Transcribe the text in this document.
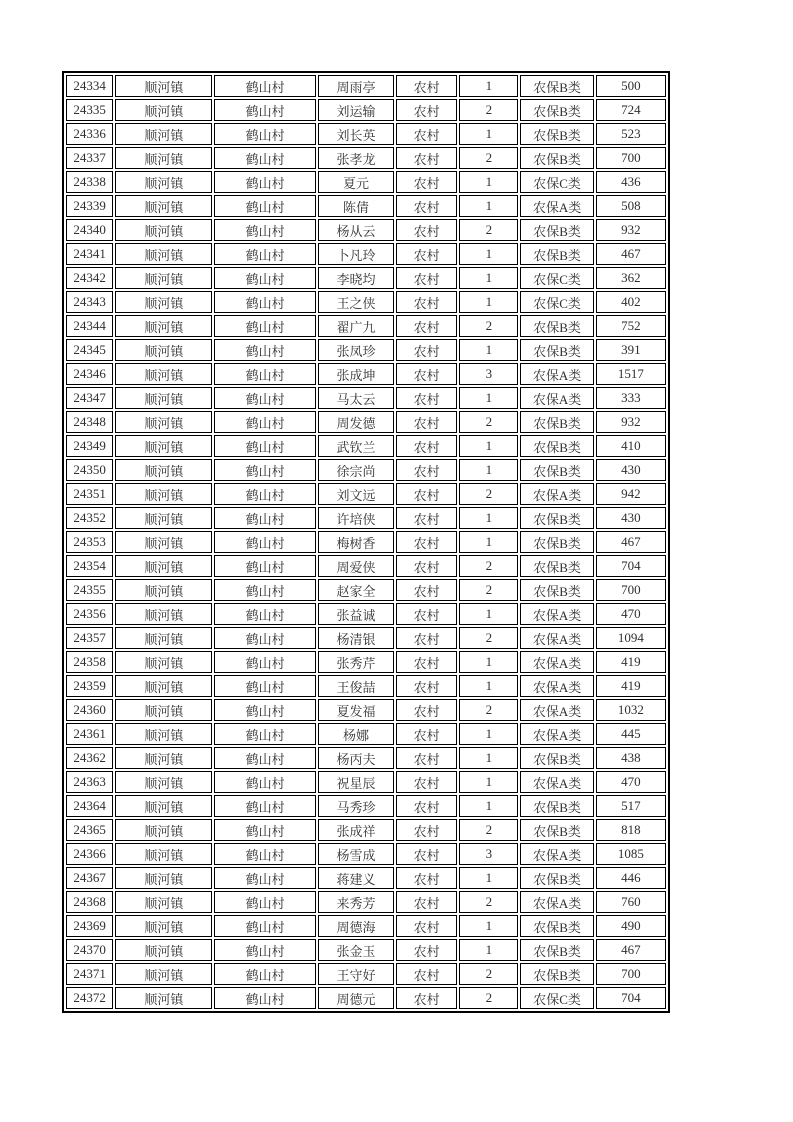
24334	顺河镇	鹤山村	周雨亭	农村	1	农保B类	500
24335	顺河镇	鹤山村	刘运输	农村	2	农保B类	724
24336	顺河镇	鹤山村	刘长英	农村	1	农保B类	523
24337	顺河镇	鹤山村	张孝龙	农村	2	农保B类	700
24338	顺河镇	鹤山村	夏元	农村	1	农保C类	436
24339	顺河镇	鹤山村	陈倩	农村	1	农保A类	508
24340	顺河镇	鹤山村	杨从云	农村	2	农保B类	932
24341	顺河镇	鹤山村	卜凡玲	农村	1	农保B类	467
24342	顺河镇	鹤山村	李晓均	农村	1	农保C类	362
24343	顺河镇	鹤山村	王之侠	农村	1	农保C类	402
24344	顺河镇	鹤山村	翟广九	农村	2	农保B类	752
24345	顺河镇	鹤山村	张凤珍	农村	1	农保B类	391
24346	顺河镇	鹤山村	张成坤	农村	3	农保A类	1517
24347	顺河镇	鹤山村	马太云	农村	1	农保A类	333
24348	顺河镇	鹤山村	周发德	农村	2	农保B类	932
24349	顺河镇	鹤山村	武钦兰	农村	1	农保B类	410
24350	顺河镇	鹤山村	徐宗尚	农村	1	农保B类	430
24351	顺河镇	鹤山村	刘文远	农村	2	农保A类	942
24352	顺河镇	鹤山村	许培侠	农村	1	农保B类	430
24353	顺河镇	鹤山村	梅树香	农村	1	农保B类	467
24354	顺河镇	鹤山村	周爱侠	农村	2	农保B类	704
24355	顺河镇	鹤山村	赵家全	农村	2	农保B类	700
24356	顺河镇	鹤山村	张益诚	农村	1	农保A类	470
24357	顺河镇	鹤山村	杨清银	农村	2	农保A类	1094
24358	顺河镇	鹤山村	张秀芹	农村	1	农保A类	419
24359	顺河镇	鹤山村	王俊喆	农村	1	农保A类	419
24360	顺河镇	鹤山村	夏发福	农村	2	农保A类	1032
24361	顺河镇	鹤山村	杨娜	农村	1	农保A类	445
24362	顺河镇	鹤山村	杨丙夫	农村	1	农保B类	438
24363	顺河镇	鹤山村	祝星辰	农村	1	农保A类	470
24364	顺河镇	鹤山村	马秀珍	农村	1	农保B类	517
24365	顺河镇	鹤山村	张成祥	农村	2	农保B类	818
24366	顺河镇	鹤山村	杨雪成	农村	3	农保A类	1085
24367	顺河镇	鹤山村	蒋建义	农村	1	农保B类	446
24368	顺河镇	鹤山村	来秀芳	农村	2	农保A类	760
24369	顺河镇	鹤山村	周德海	农村	1	农保B类	490
24370	顺河镇	鹤山村	张金玉	农村	1	农保B类	467
24371	顺河镇	鹤山村	王守好	农村	2	农保B类	700
24372	顺河镇	鹤山村	周德元	农村	2	农保C类	704
